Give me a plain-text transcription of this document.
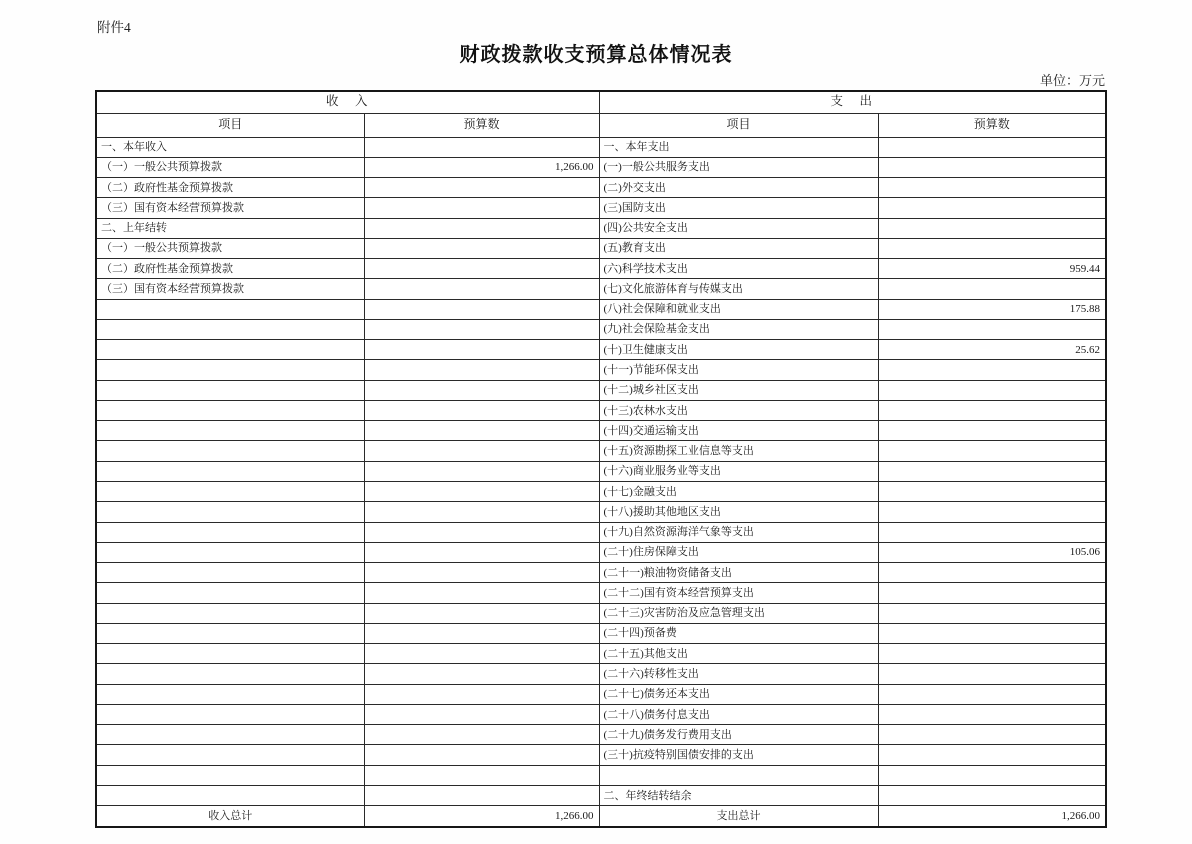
附件4
财政拨款收支预算总体情况表
单位：万元
收　入		支　出	
项目	预算数	项目	预算数
一、本年收入		一、本年支出	
（一）一般公共预算拨款	1,266.00	(一)一般公共服务支出	
（二）政府性基金预算拨款		(二)外交支出	
（三）国有资本经营预算拨款		(三)国防支出	
二、上年结转		(四)公共安全支出	
（一）一般公共预算拨款		(五)教育支出	
（二）政府性基金预算拨款		(六)科学技术支出	959.44
（三）国有资本经营预算拨款		(七)文化旅游体育与传媒支出	
		(八)社会保障和就业支出	175.88
		(九)社会保险基金支出	
		(十)卫生健康支出	25.62
		(十一)节能环保支出	
		(十二)城乡社区支出	
		(十三)农林水支出	
		(十四)交通运输支出	
		(十五)资源勘探工业信息等支出	
		(十六)商业服务业等支出	
		(十七)金融支出	
		(十八)援助其他地区支出	
		(十九)自然资源海洋气象等支出	
		(二十)住房保障支出	105.06
		(二十一)粮油物资储备支出	
		(二十二)国有资本经营预算支出	
		(二十三)灾害防治及应急管理支出	
		(二十四)预备费	
		(二十五)其他支出	
		(二十六)转移性支出	
		(二十七)债务还本支出	
		(二十八)债务付息支出	
		(二十九)债务发行费用支出	
		(三十)抗疫特别国债安排的支出	

		二、年终结转结余	
收入总计	1,266.00	支出总计	1,266.00
